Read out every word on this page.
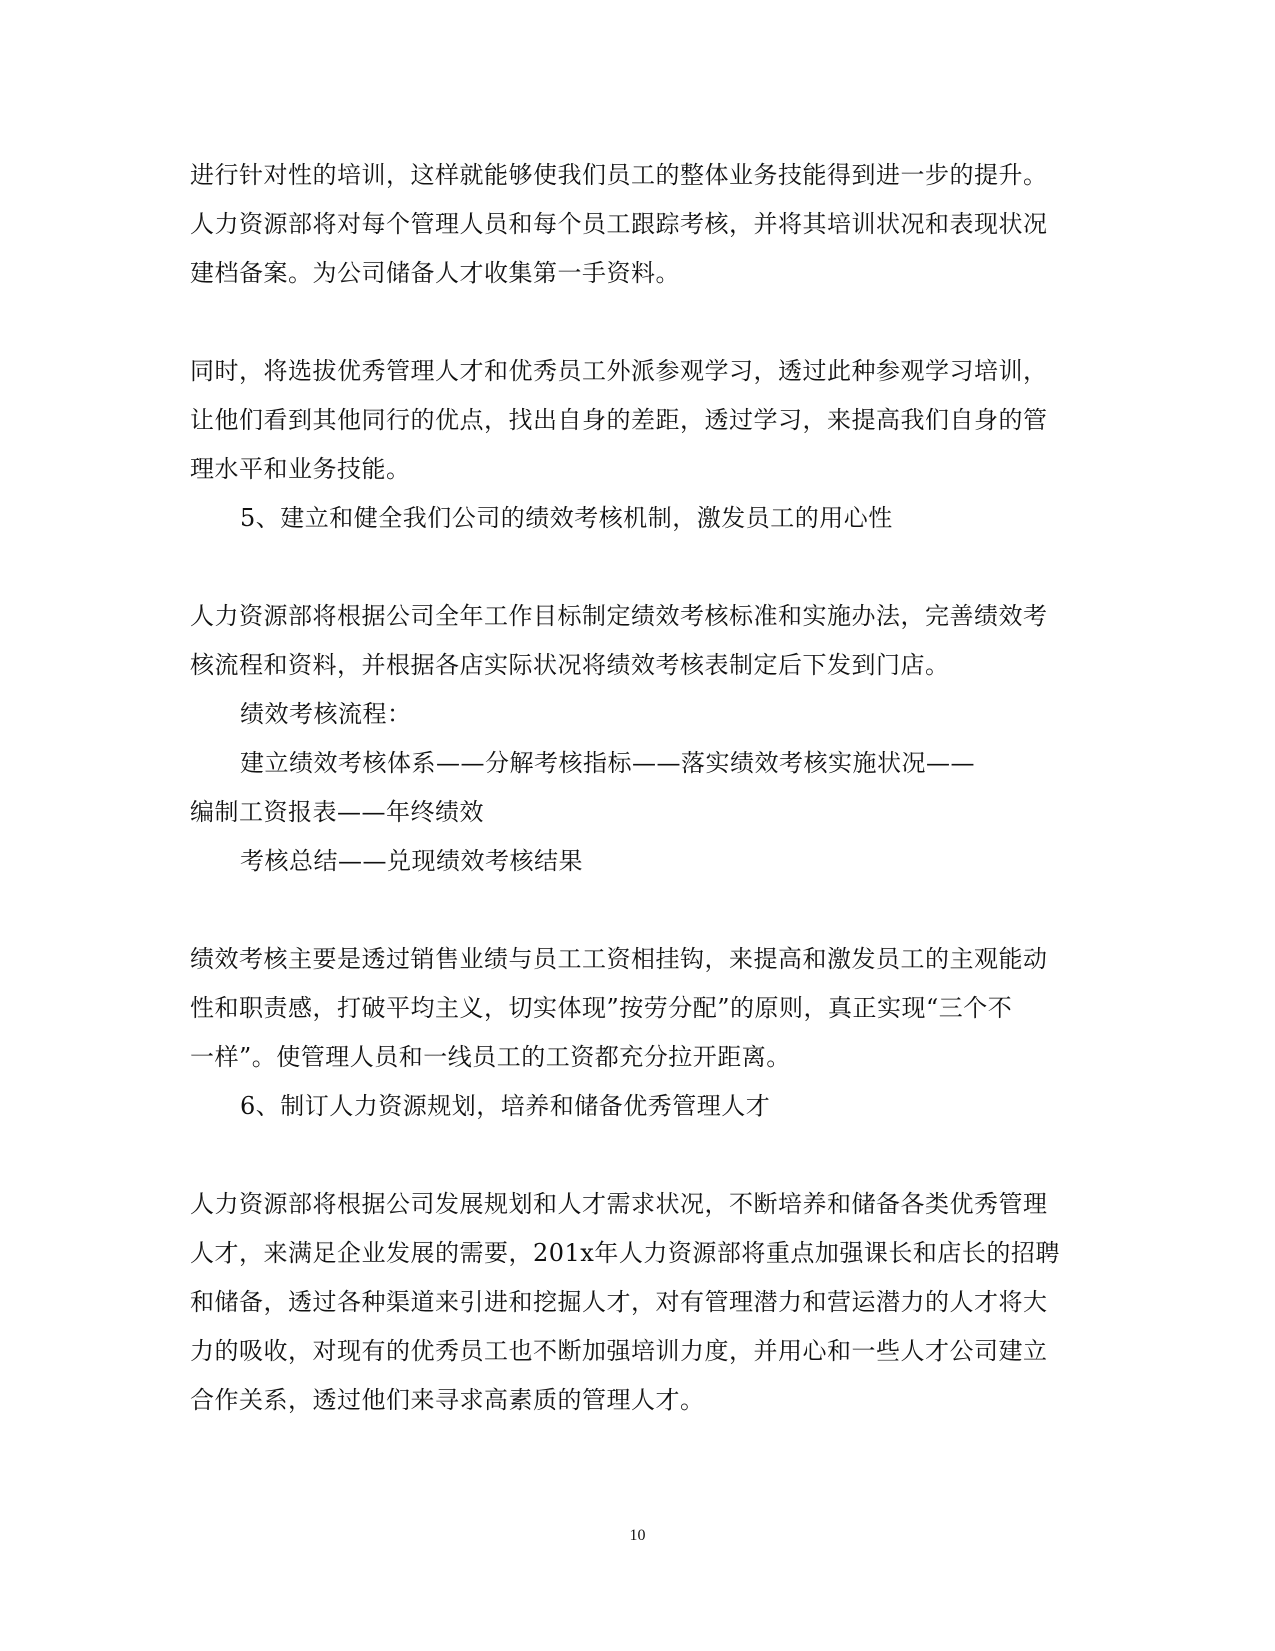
进行针对性的培训，这样就能够使我们员工的整体业务技能得到进一步的提升。
人力资源部将对每个管理人员和每个员工跟踪考核，并将其培训状况和表现状况
建档备案。为公司储备人才收集第一手资料。
同时，将选拔优秀管理人才和优秀员工外派参观学习，透过此种参观学习培训，
让他们看到其他同行的优点，找出自身的差距，透过学习，来提高我们自身的管
理水平和业务技能。
5、建立和健全我们公司的绩效考核机制，激发员工的用心性
人力资源部将根据公司全年工作目标制定绩效考核标准和实施办法，完善绩效考
核流程和资料，并根据各店实际状况将绩效考核表制定后下发到门店。
绩效考核流程：
建立绩效考核体系——分解考核指标——落实绩效考核实施状况——
编制工资报表——年终绩效
考核总结——兑现绩效考核结果
绩效考核主要是透过销售业绩与员工工资相挂钩，来提高和激发员工的主观能动
性和职责感，打破平均主义，切实体现”按劳分配”的原则，真正实现“三个不
一样”。使管理人员和一线员工的工资都充分拉开距离。
6、制订人力资源规划，培养和储备优秀管理人才
人力资源部将根据公司发展规划和人才需求状况，不断培养和储备各类优秀管理
人才，来满足企业发展的需要，201x年人力资源部将重点加强课长和店长的招聘
和储备，透过各种渠道来引进和挖掘人才，对有管理潜力和营运潜力的人才将大
力的吸收，对现有的优秀员工也不断加强培训力度，并用心和一些人才公司建立
合作关系，透过他们来寻求高素质的管理人才。
10
